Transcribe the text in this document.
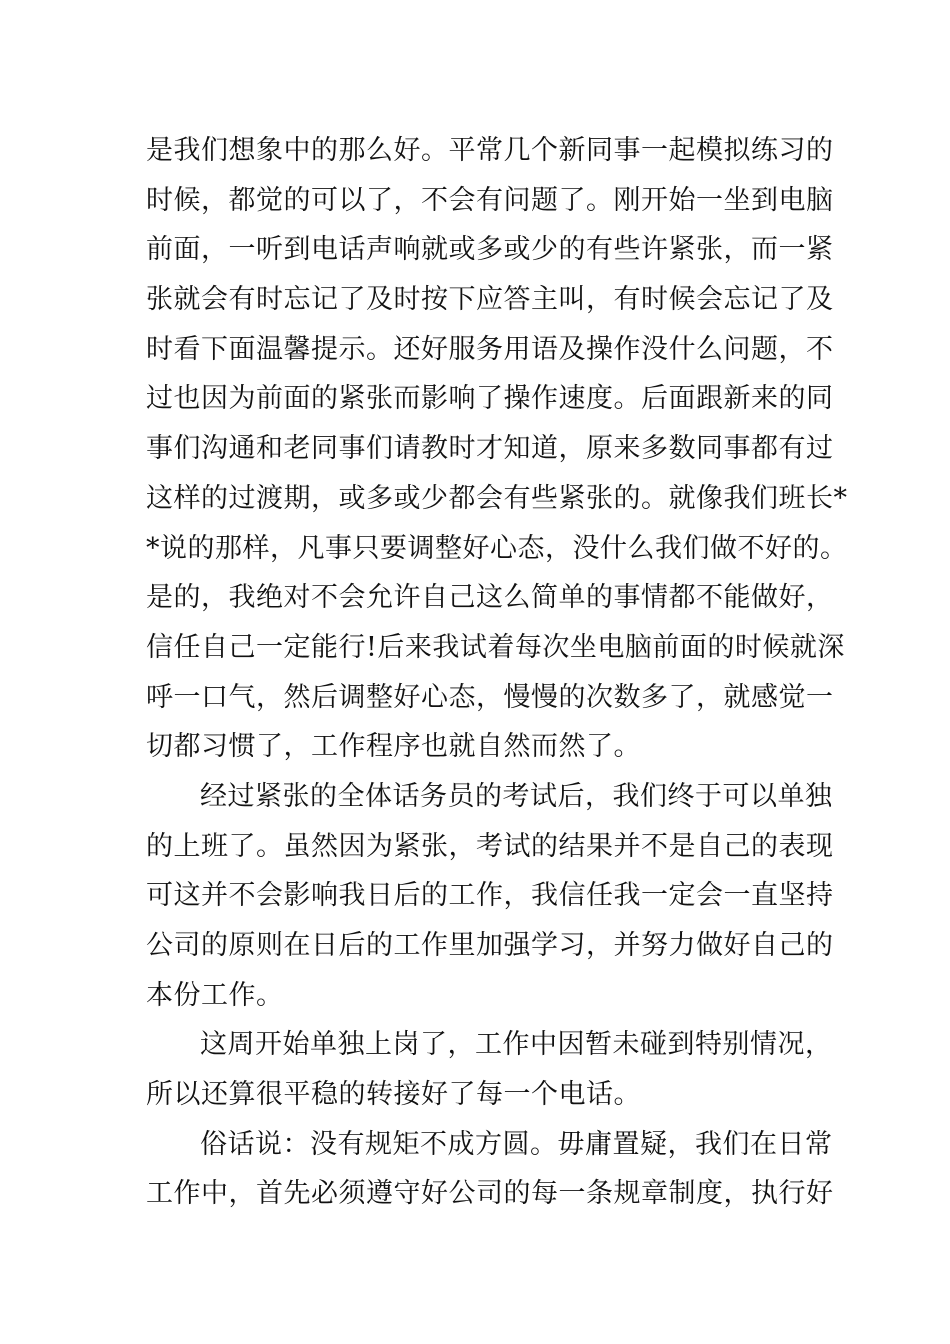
是我们想象中的那么好。平常几个新同事一起模拟练习的
时候，都觉的可以了，不会有问题了。刚开始一坐到电脑
前面，一听到电话声响就或多或少的有些许紧张，而一紧
张就会有时忘记了及时按下应答主叫，有时候会忘记了及
时看下面温馨提示。还好服务用语及操作没什么问题，不
过也因为前面的紧张而影响了操作速度。后面跟新来的同
事们沟通和老同事们请教时才知道，原来多数同事都有过
这样的过渡期，或多或少都会有些紧张的。就像我们班长*
*说的那样，凡事只要调整好心态，没什么我们做不好的。
是的，我绝对不会允许自己这么简单的事情都不能做好，
信任自己一定能行!后来我试着每次坐电脑前面的时候就深
呼一口气，然后调整好心态，慢慢的次数多了，就感觉一
切都习惯了，工作程序也就自然而然了。
经过紧张的全体话务员的考试后，我们终于可以单独
的上班了。虽然因为紧张，考试的结果并不是自己的表现
可这并不会影响我日后的工作，我信任我一定会一直坚持
公司的原则在日后的工作里加强学习，并努力做好自己的
本份工作。
这周开始单独上岗了，工作中因暂未碰到特别情况，
所以还算很平稳的转接好了每一个电话。
俗话说：没有规矩不成方圆。毋庸置疑，我们在日常
工作中，首先必须遵守好公司的每一条规章制度，执行好
